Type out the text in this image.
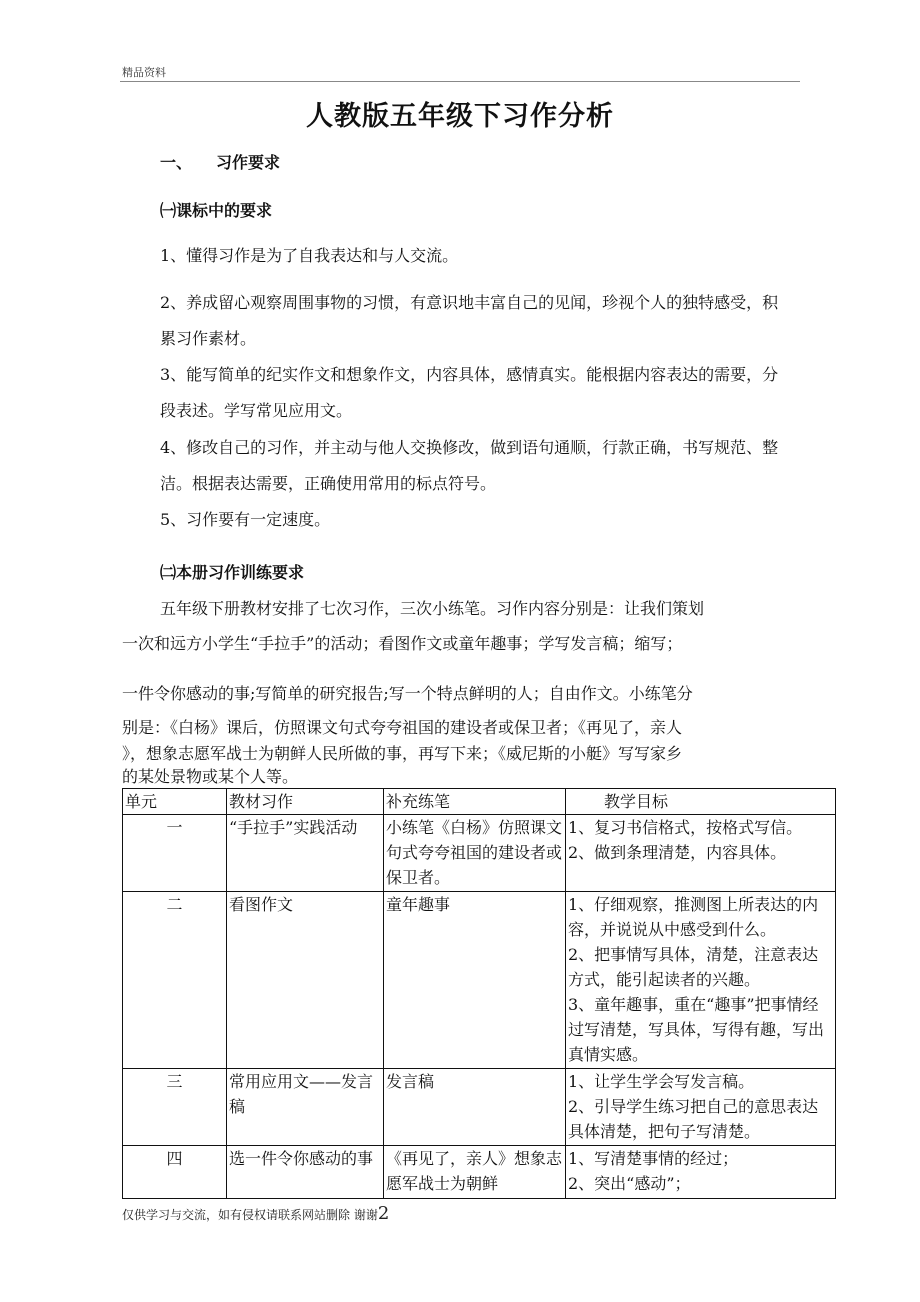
精品资料
人教版五年级下习作分析
一、 习作要求
㈠课标中的要求
1、懂得习作是为了自我表达和与人交流。
2、养成留心观察周围事物的习惯，有意识地丰富自己的见闻，珍视个人的独特感受，积累习作素材。
3、能写简单的纪实作文和想象作文，内容具体，感情真实。能根据内容表达的需要，分段表述。学写常见应用文。
4、修改自己的习作，并主动与他人交换修改，做到语句通顺，行款正确，书写规范、整洁。根据表达需要，正确使用常用的标点符号。
5、习作要有一定速度。
㈡本册习作训练要求
五年级下册教材安排了七次习作，三次小练笔。习作内容分别是：让我们策划
一次和远方小学生“手拉手”的活动；看图作文或童年趣事；学写发言稿；缩写；
一件令你感动的事;写简单的研究报告;写一个特点鲜明的人；自由作文。小练笔分
别是：《白杨》课后，仿照课文句式夸夸祖国的建设者或保卫者；《再见了，亲人
》，想象志愿军战士为朝鲜人民所做的事，再写下来；《威尼斯的小艇》写写家乡
的某处景物或某个人等。
单元	教材习作	补充练笔	教学目标
一	“手拉手”实践活动	小练笔《白杨》仿照课文句式夸夸祖国的建设者或保卫者。	1、复习书信格式，按格式写信。

2、做到条理清楚，内容具体。

二	看图作文	童年趣事	1、仔细观察，推测图上所表达的内容，并说说从中感受到什么。

2、把事情写具体，清楚，注意表达方式，能引起读者的兴趣。

3、童年趣事，重在“趣事”把事情经过写清楚，写具体，写得有趣，写出真情实感。

三	常用应用文——发言稿	发言稿	1、让学生学会写发言稿。

2、引导学生练习把自己的意思表达具体清楚，把句子写清楚。

四	选一件令你感动的事	《再见了，亲人》想象志愿军战士为朝鲜	1、写清楚事情的经过；

2、突出“感动”；

仅供学习与交流，如有侵权请联系网站删除 谢谢2
